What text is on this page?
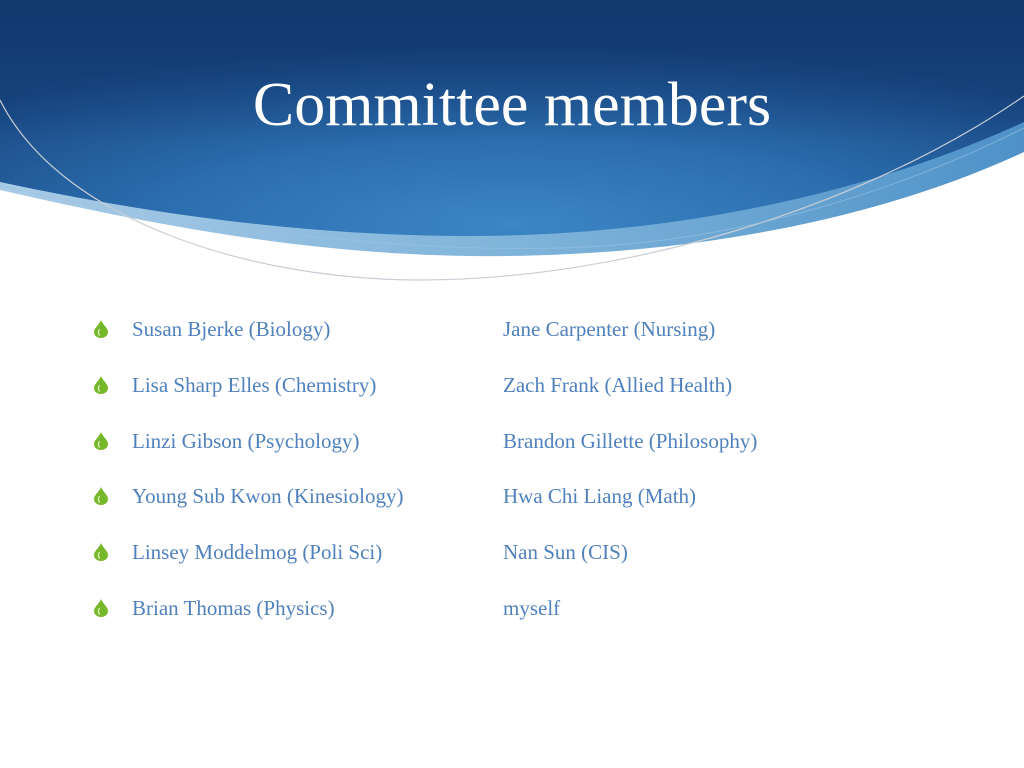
Committee members
Susan Bjerke (Biology)	Jane Carpenter (Nursing)
Lisa Sharp Elles (Chemistry)	Zach Frank (Allied Health)
Linzi Gibson (Psychology)	Brandon Gillette (Philosophy)
Young Sub Kwon (Kinesiology)	Hwa Chi Liang (Math)
Linsey Moddelmog (Poli Sci)	Nan Sun (CIS)
Brian Thomas (Physics)	myself
